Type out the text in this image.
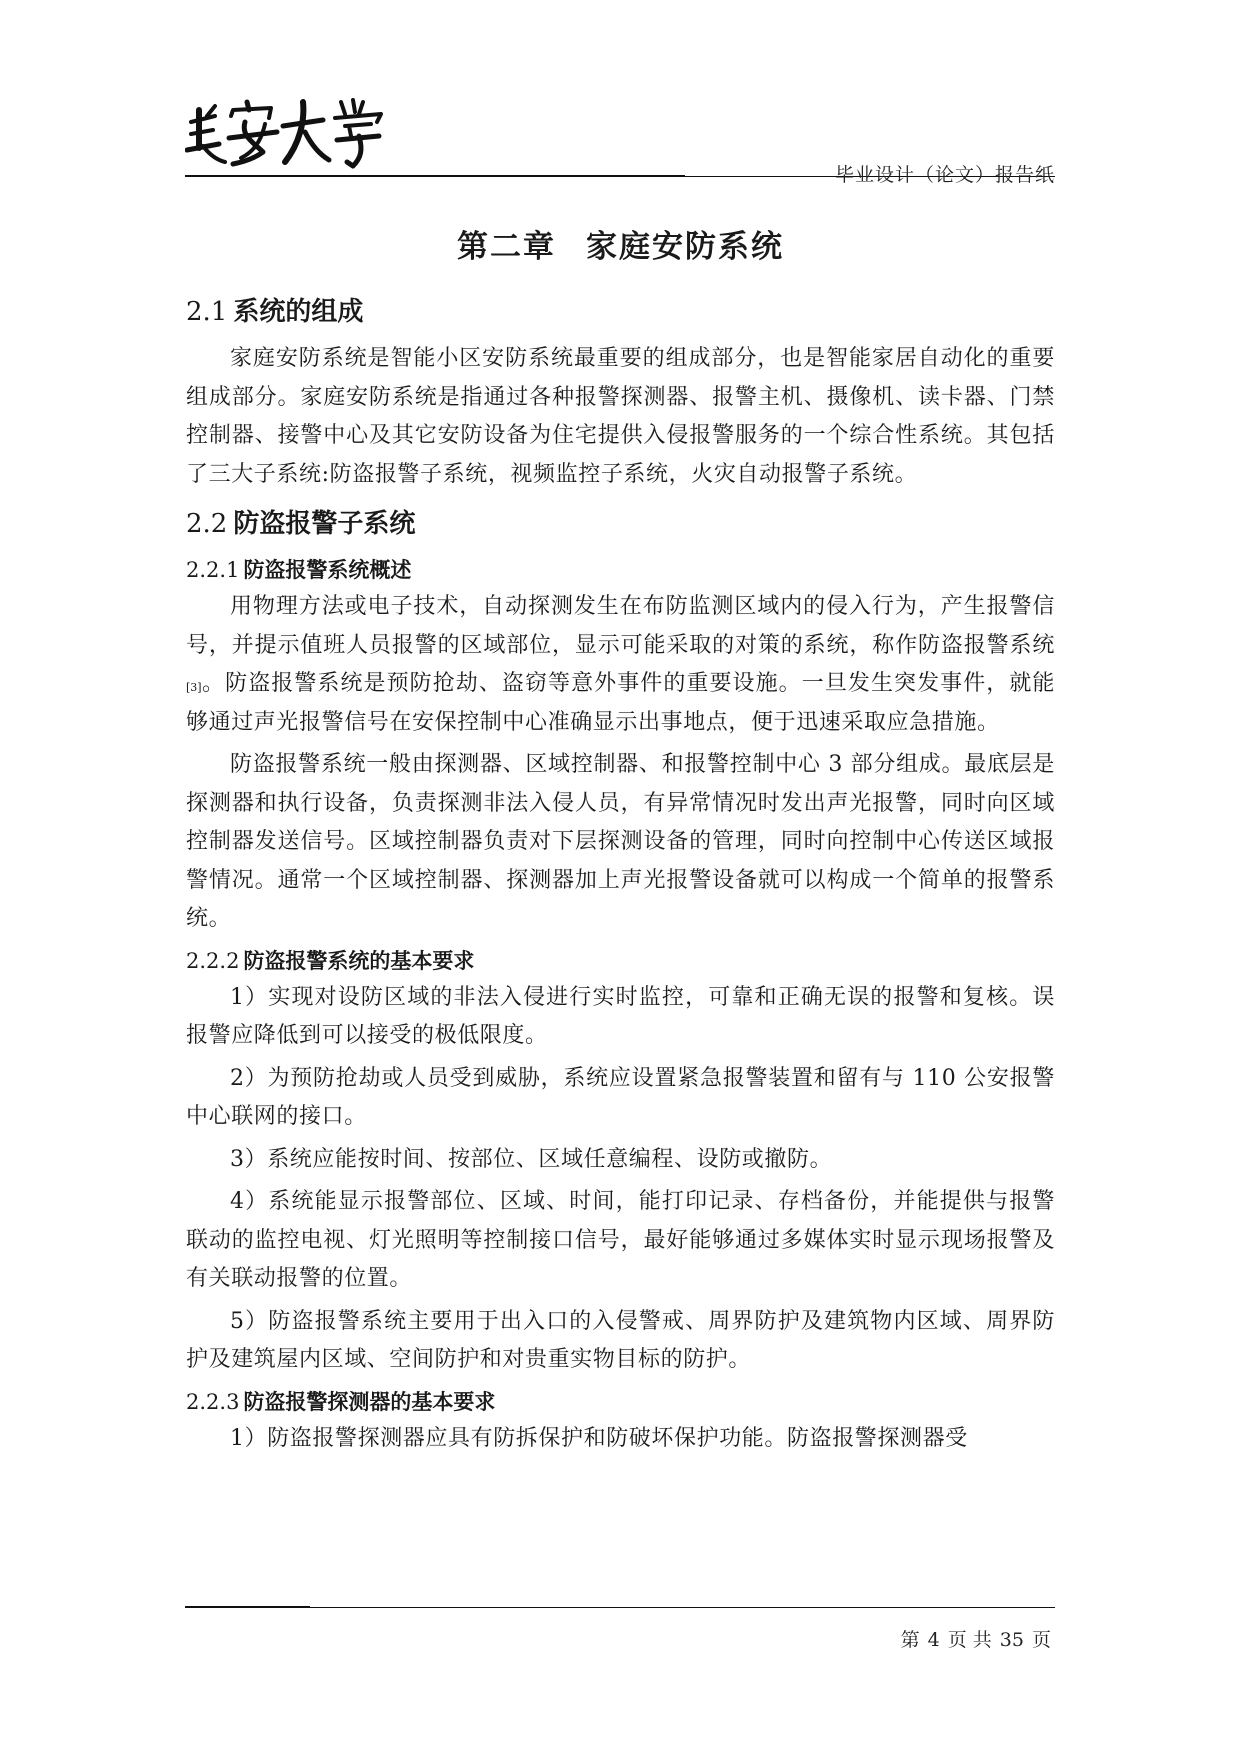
毕业设计（论文）报告纸
第二章 家庭安防系统
2.1 系统的组成

家庭安防系统是智能小区安防系统最重要的组成部分，也是智能家居自动化的重要组成部分。家庭安防系统是指通过各种报警探测器、报警主机、摄像机、读卡器、门禁控制器、接警中心及其它安防设备为住宅提供入侵报警服务的一个综合性系统。其包括了三大子系统:防盗报警子系统，视频监控子系统，火灾自动报警子系统。

2.2 防盗报警子系统
2.2.1 防盗报警系统概述

用物理方法或电子技术，自动探测发生在布防监测区域内的侵入行为，产生报警信号，并提示值班人员报警的区域部位，显示可能采取的对策的系统，称作防盗报警系统[3]。防盗报警系统是预防抢劫、盗窃等意外事件的重要设施。一旦发生突发事件，就能够通过声光报警信号在安保控制中心准确显示出事地点，便于迅速采取应急措施。

防盗报警系统一般由探测器、区域控制器、和报警控制中心 3 部分组成。最底层是探测器和执行设备，负责探测非法入侵人员，有异常情况时发出声光报警，同时向区域控制器发送信号。区域控制器负责对下层探测设备的管理，同时向控制中心传送区域报警情况。通常一个区域控制器、探测器加上声光报警设备就可以构成一个简单的报警系统。

2.2.2 防盗报警系统的基本要求

1）实现对设防区域的非法入侵进行实时监控，可靠和正确无误的报警和复核。误报警应降低到可以接受的极低限度。

2）为预防抢劫或人员受到威胁，系统应设置紧急报警装置和留有与 110 公安报警中心联网的接口。

3）系统应能按时间、按部位、区域任意编程、设防或撤防。

4）系统能显示报警部位、区域、时间，能打印记录、存档备份，并能提供与报警联动的监控电视、灯光照明等控制接口信号，最好能够通过多媒体实时显示现场报警及有关联动报警的位置。

5）防盗报警系统主要用于出入口的入侵警戒、周界防护及建筑物内区域、周界防护及建筑屋内区域、空间防护和对贵重实物目标的防护。

2.2.3 防盗报警探测器的基本要求

1）防盗报警探测器应具有防拆保护和防破坏保护功能。防盗报警探测器受

第 4 页 共 35 页
